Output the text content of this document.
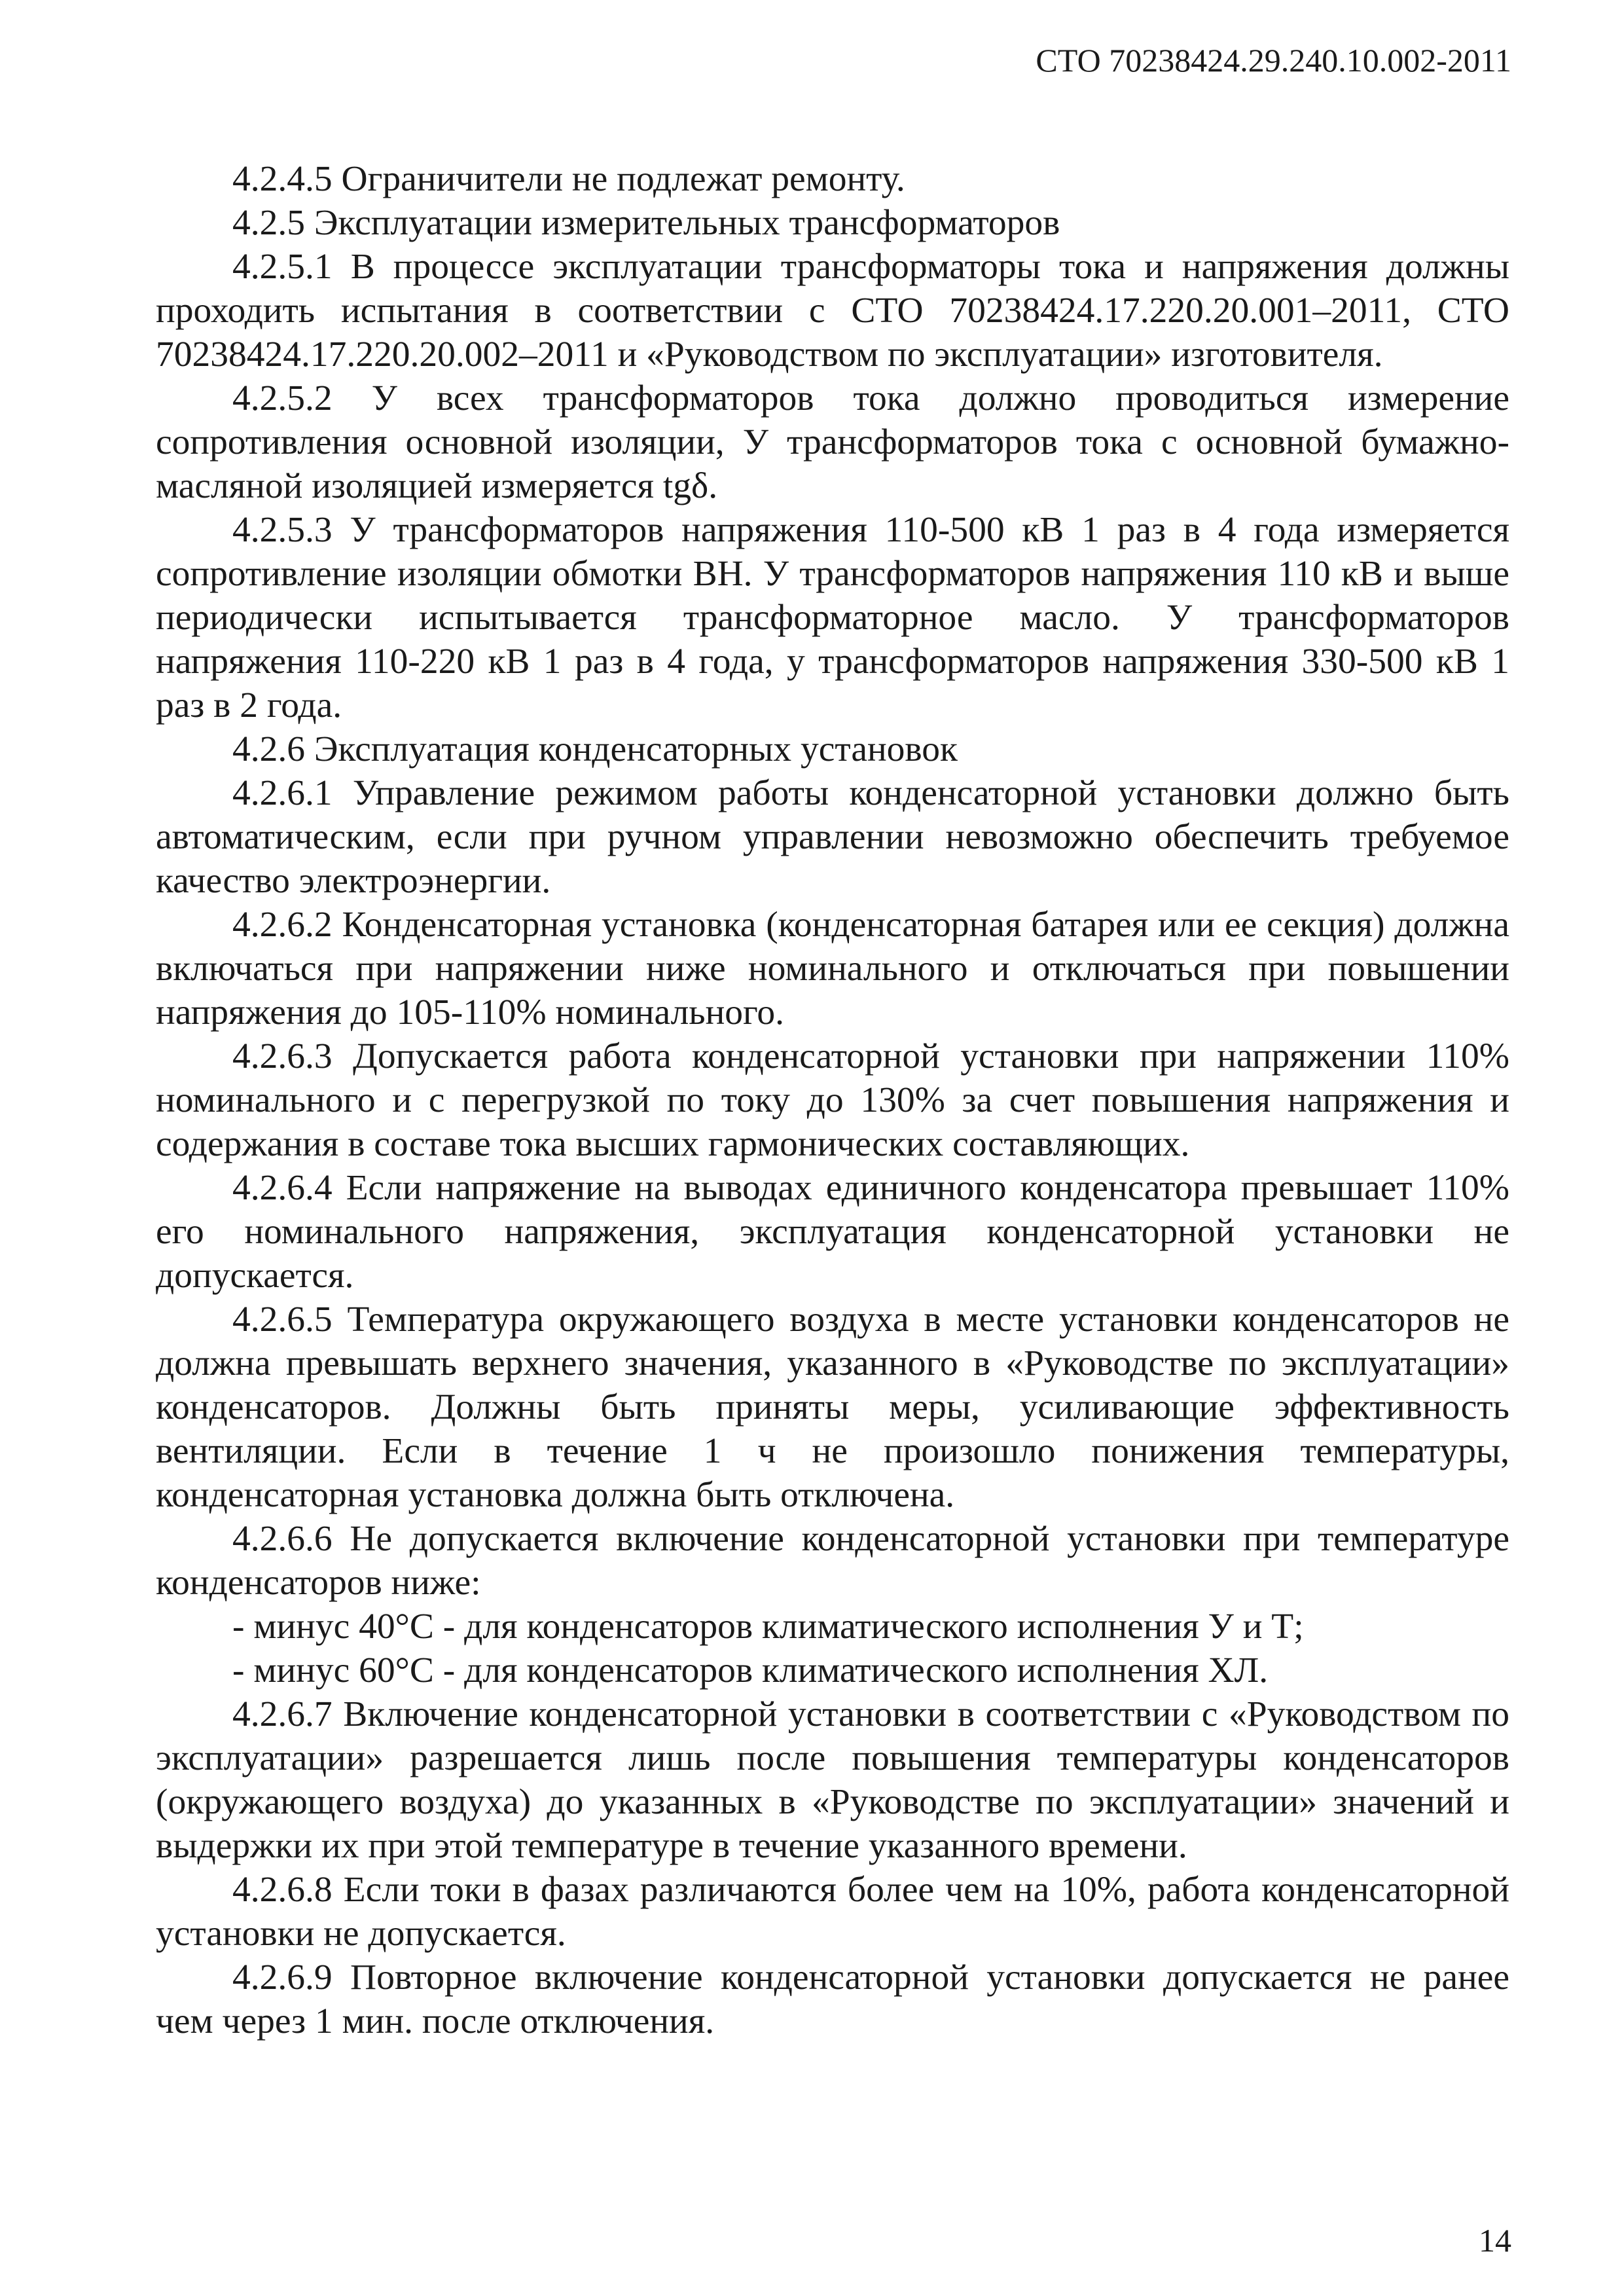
СТО 70238424.29.240.10.002-2011

4.2.4.5 Ограничители не подлежат ремонту.

4.2.5 Эксплуатации измерительных трансформаторов

4.2.5.1 В процессе эксплуатации трансформаторы тока и напряжения должны проходить испытания в соответствии с СТО 70238424.17.220.20.001–2011, СТО 70238424.17.220.20.002–2011 и «Руководством по эксплуатации» изготовителя.

4.2.5.2 У всех трансформаторов тока должно проводиться измерение сопротивления основной изоляции, У трансформаторов тока с основной бумажно-масляной изоляцией измеряется tgδ.

4.2.5.3 У трансформаторов напряжения 110-500 кВ 1 раз в 4 года измеряется сопротивление изоляции обмотки ВН. У трансформаторов напряжения 110 кВ и выше периодически испытывается трансформаторное масло. У трансформаторов напряжения 110-220 кВ 1 раз в 4 года, у трансформаторов напряжения 330-500 кВ 1 раз в 2 года.

4.2.6 Эксплуатация конденсаторных установок

4.2.6.1 Управление режимом работы конденсаторной установки должно быть автоматическим, если при ручном управлении невозможно обеспечить требуемое качество электроэнергии.

4.2.6.2 Конденсаторная установка (конденсаторная батарея или ее секция) должна включаться при напряжении ниже номинального и отключаться при повышении напряжения до 105-110% номинального.

4.2.6.3 Допускается работа конденсаторной установки при напряжении 110% номинального и с перегрузкой по току до 130% за счет повышения напряжения и содержания в составе тока высших гармонических составляющих.

4.2.6.4 Если напряжение на выводах единичного конденсатора превышает 110% его номинального напряжения, эксплуатация конденсаторной установки не допускается.

4.2.6.5 Температура окружающего воздуха в месте установки конденсаторов не должна превышать верхнего значения, указанного в «Руководстве по эксплуатации» конденсаторов. Должны быть приняты меры, усиливающие эффективность вентиляции. Если в течение 1 ч не произошло понижения температуры, конденсаторная установка должна быть отключена.

4.2.6.6 Не допускается включение конденсаторной установки при температуре конденсаторов ниже:

- минус 40°С - для конденсаторов климатического исполнения У и Т;

- минус 60°С - для конденсаторов климатического исполнения ХЛ.

4.2.6.7 Включение конденсаторной установки в соответствии с «Руководством по эксплуатации» разрешается лишь после повышения температуры конденсаторов (окружающего воздуха) до указанных в «Руководстве по эксплуатации» значений и выдержки их при этой температуре в течение указанного времени.

4.2.6.8 Если токи в фазах различаются более чем на 10%, работа конденсаторной установки не допускается.

4.2.6.9 Повторное включение конденсаторной установки допускается не ранее чем через 1 мин. после отключения.

14
